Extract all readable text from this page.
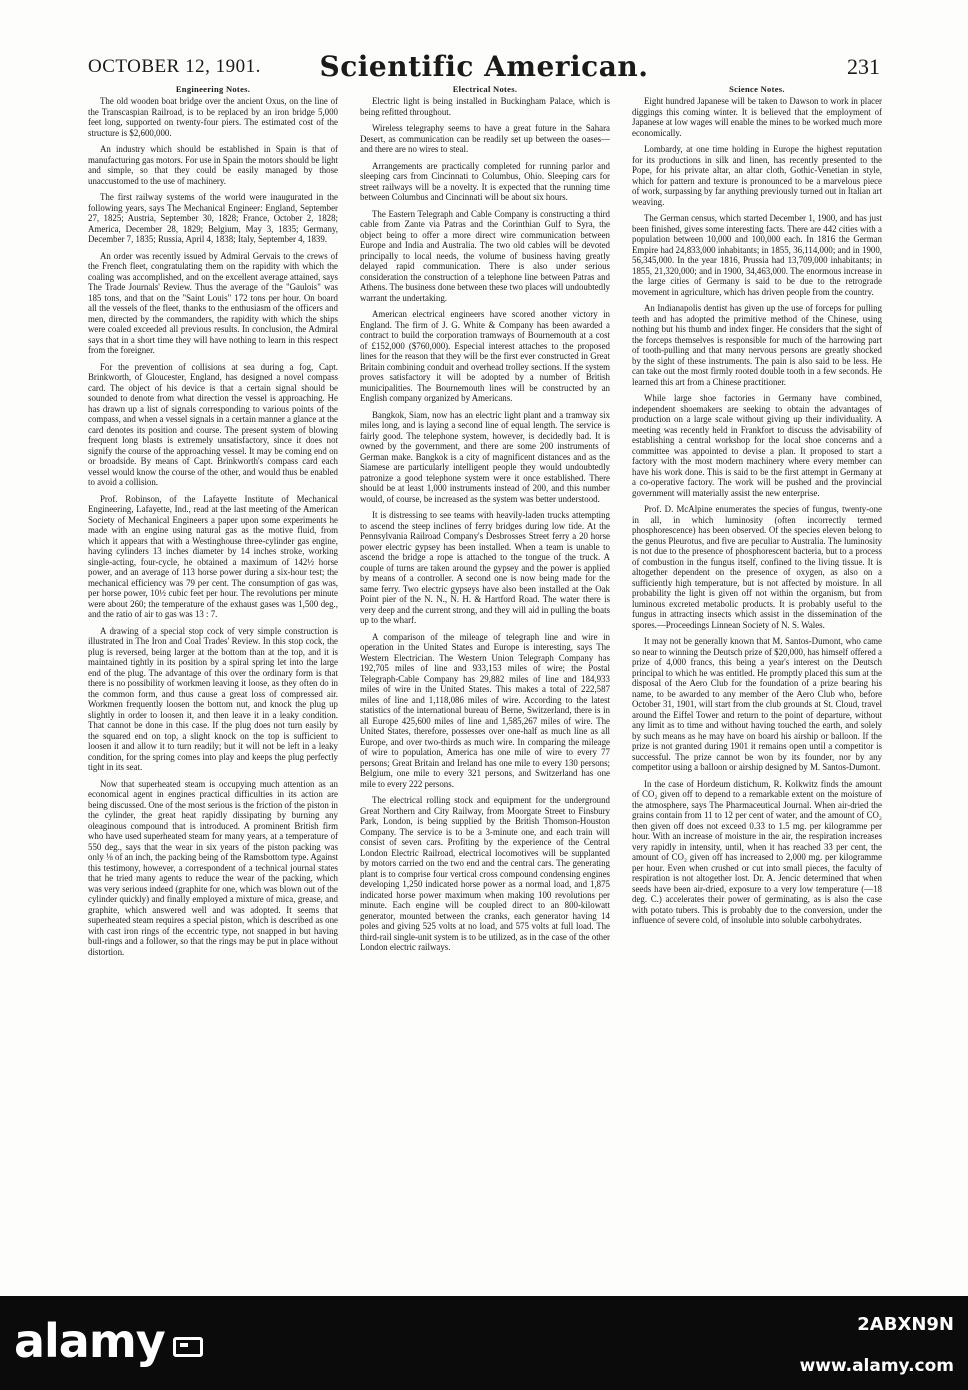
OCTOBER 12, 1901.	Scientific American.	231
Engineering Notes.

The old wooden boat bridge over the ancient Oxus, on the line of the Transcaspian Railroad, is to be replaced by an iron bridge 5,000 feet long, supported on twenty-four piers. The estimated cost of the structure is $2,600,000.

An industry which should be established in Spain is that of manufacturing gas motors. For use in Spain the motors should be light and simple, so that they could be easily managed by those unaccustomed to the use of machinery.

The first railway systems of the world were inaugurated in the following years, says The Mechanical Engineer: England, September 27, 1825; Austria, September 30, 1828; France, October 2, 1828; America, December 28, 1829; Belgium, May 3, 1835; Germany, December 7, 1835; Russia, April 4, 1838; Italy, September 4, 1839.

An order was recently issued by Admiral Gervais to the crews of the French fleet, congratulating them on the rapidity with which the coaling was accomplished, and on the excellent average attained, says The Trade Journals' Review. Thus the average of the "Gaulois" was 185 tons, and that on the "Saint Louis" 172 tons per hour. On board all the vessels of the fleet, thanks to the enthusiasm of the officers and men, directed by the commanders, the rapidity with which the ships were coaled exceeded all previous results. In conclusion, the Admiral says that in a short time they will have nothing to learn in this respect from the foreigner.

For the prevention of collisions at sea during a fog, Capt. Brinkworth, of Gloucester, England, has designed a novel compass card. The object of his device is that a certain signal should be sounded to denote from what direction the vessel is approaching. He has drawn up a list of signals corresponding to various points of the compass, and when a vessel signals in a certain manner a glance at the card denotes its position and course. The present system of blowing frequent long blasts is extremely unsatisfactory, since it does not signify the course of the approaching vessel. It may be coming end on or broadside. By means of Capt. Brinkworth's compass card each vessel would know the course of the other, and would thus be enabled to avoid a collision.

Prof. Robinson, of the Lafayette Institute of Mechanical Engineering, Lafayette, Ind., read at the last meeting of the American Society of Mechanical Engineers a paper upon some experiments he made with an engine using natural gas as the motive fluid, from which it appears that with a Westinghouse three-cylinder gas engine, having cylinders 13 inches diameter by 14 inches stroke, working single-acting, four-cycle, he obtained a maximum of 142½ horse power, and an average of 113 horse power during a six-hour test; the mechanical efficiency was 79 per cent. The consumption of gas was, per horse power, 10½ cubic feet per hour. The revolutions per minute were about 260; the temperature of the exhaust gases was 1,500 deg., and the ratio of air to gas was 13 : 7.

A drawing of a special stop cock of very simple construction is illustrated in The Iron and Coal Trades' Review. In this stop cock, the plug is reversed, being larger at the bottom than at the top, and it is maintained tightly in its position by a spiral spring let into the large end of the plug. The advantage of this over the ordinary form is that there is no possibility of workmen leaving it loose, as they often do in the common form, and thus cause a great loss of compressed air. Workmen frequently loosen the bottom nut, and knock the plug up slightly in order to loosen it, and then leave it in a leaky condition. That cannot be done in this case. If the plug does not turn easily by the squared end on top, a slight knock on the top is sufficient to loosen it and allow it to turn readily; but it will not be left in a leaky condition, for the spring comes into play and keeps the plug perfectly tight in its seat.

Now that superheated steam is occupying much attention as an economical agent in engines practical difficulties in its action are being discussed. One of the most serious is the friction of the piston in the cylinder, the great heat rapidly dissipating by burning any oleaginous compound that is introduced. A prominent British firm who have used superheated steam for many years, at a temperature of 550 deg., says that the wear in six years of the piston packing was only ⅛ of an inch, the packing being of the Ramsbottom type. Against this testimony, however, a correspondent of a technical journal states that he tried many agents to reduce the wear of the packing, which was very serious indeed (graphite for one, which was blown out of the cylinder quickly) and finally employed a mixture of mica, grease, and graphite, which answered well and was adopted. It seems that superheated steam requires a special piston, which is described as one with cast iron rings of the eccentric type, not snapped in but having bull-rings and a follower, so that the rings may be put in place without distortion.

Electrical Notes.

Electric light is being installed in Buckingham Palace, which is being refitted throughout.

Wireless telegraphy seems to have a great future in the Sahara Desert, as communication can be readily set up between the oases—and there are no wires to steal.

Arrangements are practically completed for running parlor and sleeping cars from Cincinnati to Columbus, Ohio. Sleeping cars for street railways will be a novelty. It is expected that the running time between Columbus and Cincinnati will be about six hours.

The Eastern Telegraph and Cable Company is constructing a third cable from Zante via Patras and the Corinthian Gulf to Syra, the object being to offer a more direct wire communication between Europe and India and Australia. The two old cables will be devoted principally to local needs, the volume of business having greatly delayed rapid communication. There is also under serious consideration the construction of a telephone line between Patras and Athens. The business done between these two places will undoubtedly warrant the undertaking.

American electrical engineers have scored another victory in England. The firm of J. G. White & Company has been awarded a contract to build the corporation tramways of Bournemouth at a cost of £152,000 ($760,000). Especial interest attaches to the proposed lines for the reason that they will be the first ever constructed in Great Britain combining conduit and overhead trolley sections. If the system proves satisfactory it will be adopted by a number of British municipalities. The Bournemouth lines will be constructed by an English company organized by Americans.

Bangkok, Siam, now has an electric light plant and a tramway six miles long, and is laying a second line of equal length. The service is fairly good. The telephone system, however, is decidedly bad. It is owned by the government, and there are some 200 instruments of German make. Bangkok is a city of magnificent distances and as the Siamese are particularly intelligent people they would undoubtedly patronize a good telephone system were it once established. There should be at least 1,000 instruments instead of 200, and this number would, of course, be increased as the system was better understood.

It is distressing to see teams with heavily-laden trucks attempting to ascend the steep inclines of ferry bridges during low tide. At the Pennsylvania Railroad Company's Desbrosses Street ferry a 20 horse power electric gypsey has been installed. When a team is unable to ascend the bridge a rope is attached to the tongue of the truck. A couple of turns are taken around the gypsey and the power is applied by means of a controller. A second one is now being made for the same ferry. Two electric gypseys have also been installed at the Oak Point pier of the N. N., N. H. & Hartford Road. The water there is very deep and the current strong, and they will aid in pulling the boats up to the wharf.

A comparison of the mileage of telegraph line and wire in operation in the United States and Europe is interesting, says The Western Electrician. The Western Union Telegraph Company has 192,705 miles of line and 933,153 miles of wire; the Postal Telegraph-Cable Company has 29,882 miles of line and 184,933 miles of wire in the United States. This makes a total of 222,587 miles of line and 1,118,086 miles of wire. According to the latest statistics of the international bureau of Berne, Switzerland, there is in all Europe 425,600 miles of line and 1,585,267 miles of wire. The United States, therefore, possesses over one-half as much line as all Europe, and over two-thirds as much wire. In comparing the mileage of wire to population, America has one mile of wire to every 77 persons; Great Britain and Ireland has one mile to every 130 persons; Belgium, one mile to every 321 persons, and Switzerland has one mile to every 222 persons.

The electrical rolling stock and equipment for the underground Great Northern and City Railway, from Moorgate Street to Finsbury Park, London, is being supplied by the British Thomson-Houston Company. The service is to be a 3-minute one, and each train will consist of seven cars. Profiting by the experience of the Central London Electric Railroad, electrical locomotives will be supplanted by motors carried on the two end and the central cars. The generating plant is to comprise four vertical cross compound condensing engines developing 1,250 indicated horse power as a normal load, and 1,875 indicated horse power maximum when making 100 revolutions per minute. Each engine will be coupled direct to an 800-kilowatt generator, mounted between the cranks, each generator having 14 poles and giving 525 volts at no load, and 575 volts at full load. The third-rail single-unit system is to be utilized, as in the case of the other London electric railways.

Science Notes.

Eight hundred Japanese will be taken to Dawson to work in placer diggings this coming winter. It is believed that the employment of Japanese at low wages will enable the mines to be worked much more economically.

Lombardy, at one time holding in Europe the highest reputation for its productions in silk and linen, has recently presented to the Pope, for his private altar, an altar cloth, Gothic-Venetian in style, which for pattern and texture is pronounced to be a marvelous piece of work, surpassing by far anything previously turned out in Italian art weaving.

The German census, which started December 1, 1900, and has just been finished, gives some interesting facts. There are 442 cities with a population between 10,000 and 100,000 each. In 1816 the German Empire had 24,833,000 inhabitants; in 1855, 36,114,000; and in 1900, 56,345,000. In the year 1816, Prussia had 13,709,000 inhabitants; in 1855, 21,320,000; and in 1900, 34,463,000. The enormous increase in the large cities of Germany is said to be due to the retrograde movement in agriculture, which has driven people from the country.

An Indianapolis dentist has given up the use of forceps for pulling teeth and has adopted the primitive method of the Chinese, using nothing but his thumb and index finger. He considers that the sight of the forceps themselves is responsible for much of the harrowing part of tooth-pulling and that many nervous persons are greatly shocked by the sight of these instruments. The pain is also said to be less. He can take out the most firmly rooted double tooth in a few seconds. He learned this art from a Chinese practitioner.

While large shoe factories in Germany have combined, independent shoemakers are seeking to obtain the advantages of production on a large scale without giving up their individuality. A meeting was recently held in Frankfort to discuss the advisability of establishing a central workshop for the local shoe concerns and a committee was appointed to devise a plan. It proposed to start a factory with the most modern machinery where every member can have his work done. This is said to be the first attempt in Germany at a co-operative factory. The work will be pushed and the provincial government will materially assist the new enterprise.

Prof. D. McAlpine enumerates the species of fungus, twenty-one in all, in which luminosity (often incorrectly termed phosphorescence) has been observed. Of the species eleven belong to the genus Pleurotus, and five are peculiar to Australia. The luminosity is not due to the presence of phosphorescent bacteria, but to a process of combustion in the fungus itself, confined to the living tissue. It is altogether dependent on the presence of oxygen, as also on a sufficiently high temperature, but is not affected by moisture. In all probability the light is given off not within the organism, but from luminous excreted metabolic products. It is probably useful to the fungus in attracting insects which assist in the dissemination of the spores.—Proceedings Linnean Society of N. S. Wales.

It may not be generally known that M. Santos-Dumont, who came so near to winning the Deutsch prize of $20,000, has himself offered a prize of 4,000 francs, this being a year's interest on the Deutsch principal to which he was entitled. He promptly placed this sum at the disposal of the Aero Club for the foundation of a prize bearing his name, to be awarded to any member of the Aero Club who, before October 31, 1901, will start from the club grounds at St. Cloud, travel around the Eiffel Tower and return to the point of departure, without any limit as to time and without having touched the earth, and solely by such means as he may have on board his airship or balloon. If the prize is not granted during 1901 it remains open until a competitor is successful. The prize cannot be won by its founder, nor by any competitor using a balloon or airship designed by M. Santos-Dumont.

In the case of Hordeum distichum, R. Kolkwitz finds the amount of CO₂ given off to depend to a remarkable extent on the moisture of the atmosphere, says The Pharmaceutical Journal. When air-dried the grains contain from 11 to 12 per cent of water, and the amount of CO₂ then given off does not exceed 0.33 to 1.5 mg. per kilogramme per hour. With an increase of moisture in the air, the respiration increases very rapidly in intensity, until, when it has reached 33 per cent, the amount of CO₂ given off has increased to 2,000 mg. per kilogramme per hour. Even when crushed or cut into small pieces, the faculty of respiration is not altogether lost. Dr. A. Jencic determined that when seeds have been air-dried, exposure to a very low temperature (—18 deg. C.) accelerates their power of germinating, as is also the case with potato tubers. This is probably due to the conversion, under the influence of severe cold, of insoluble into soluble carbohydrates.

alamy	2ABXN9N
www.alamy.com
